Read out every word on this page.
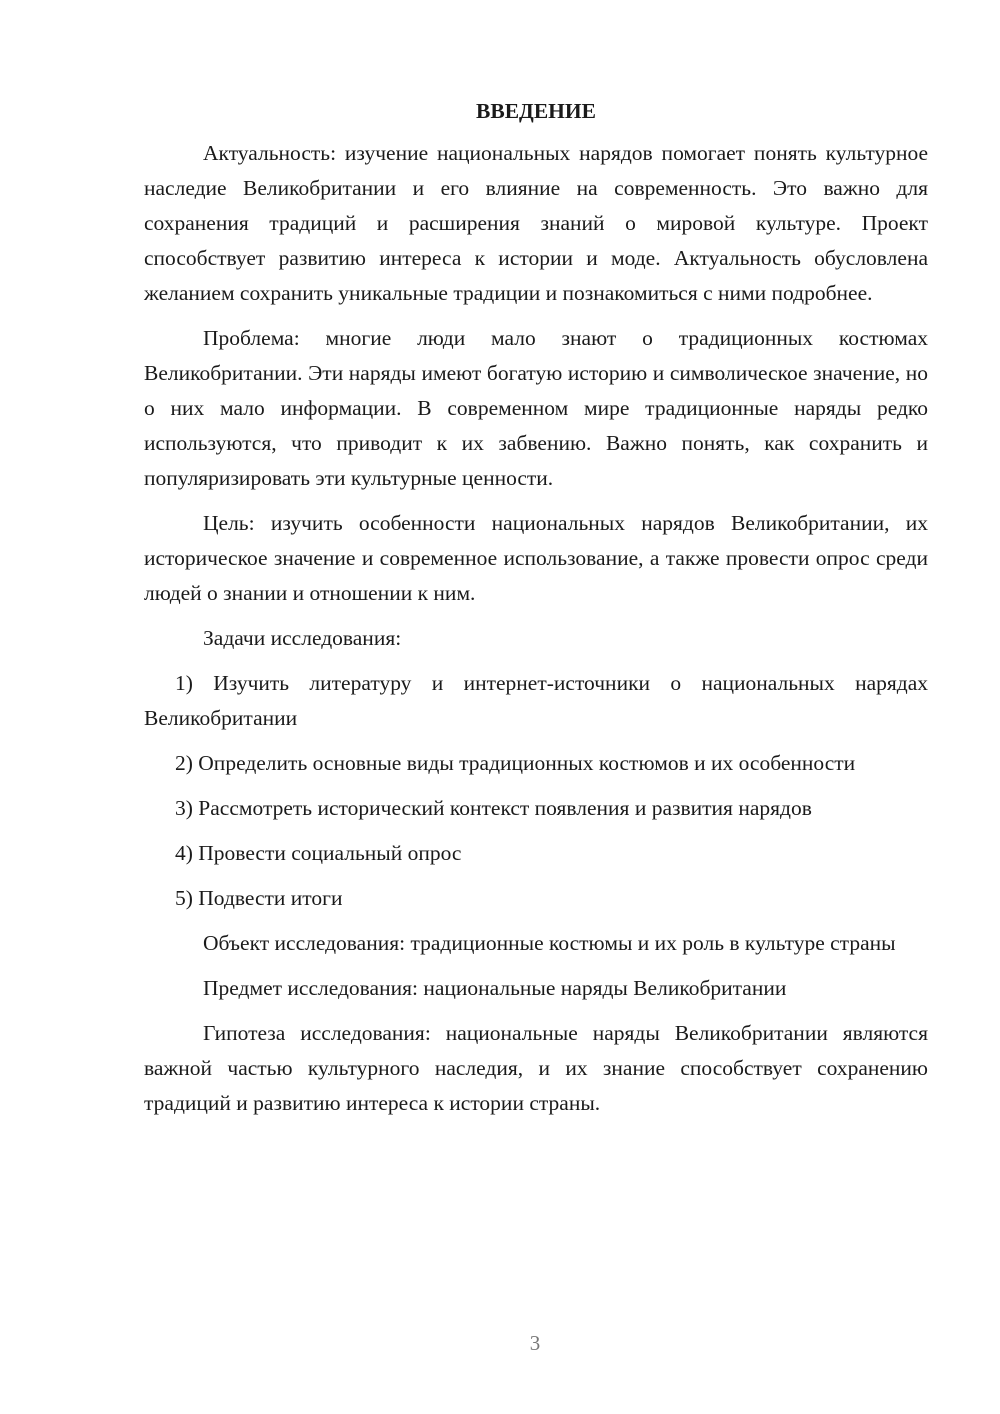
ВВЕДЕНИЕ

Актуальность: изучение национальных нарядов помогает понять культурное наследие Великобритании и его влияние на современность. Это важно для сохранения традиций и расширения знаний о мировой культуре. Проект способствует развитию интереса к истории и моде. Актуальность обусловлена желанием сохранить уникальные традиции и познакомиться с ними подробнее.

Проблема: многие люди мало знают о традиционных костюмах Великобритании. Эти наряды имеют богатую историю и символическое значение, но о них мало информации. В современном мире традиционные наряды редко используются, что приводит к их забвению. Важно понять, как сохранить и популяризировать эти культурные ценности.

Цель: изучить особенности национальных нарядов Великобритании, их историческое значение и современное использование, а также провести опрос среди людей о знании и отношении к ним.

Задачи исследования:

1) Изучить литературу и интернет-источники о национальных нарядах Великобритании

2) Определить основные виды традиционных костюмов и их особенности

3) Рассмотреть исторический контекст появления и развития нарядов

4) Провести социальный опрос

5) Подвести итоги

Объект исследования: традиционные костюмы и их роль в культуре страны

Предмет исследования: национальные наряды Великобритании

Гипотеза исследования: национальные наряды Великобритании являются важной частью культурного наследия, и их знание способствует сохранению традиций и развитию интереса к истории страны.

3
